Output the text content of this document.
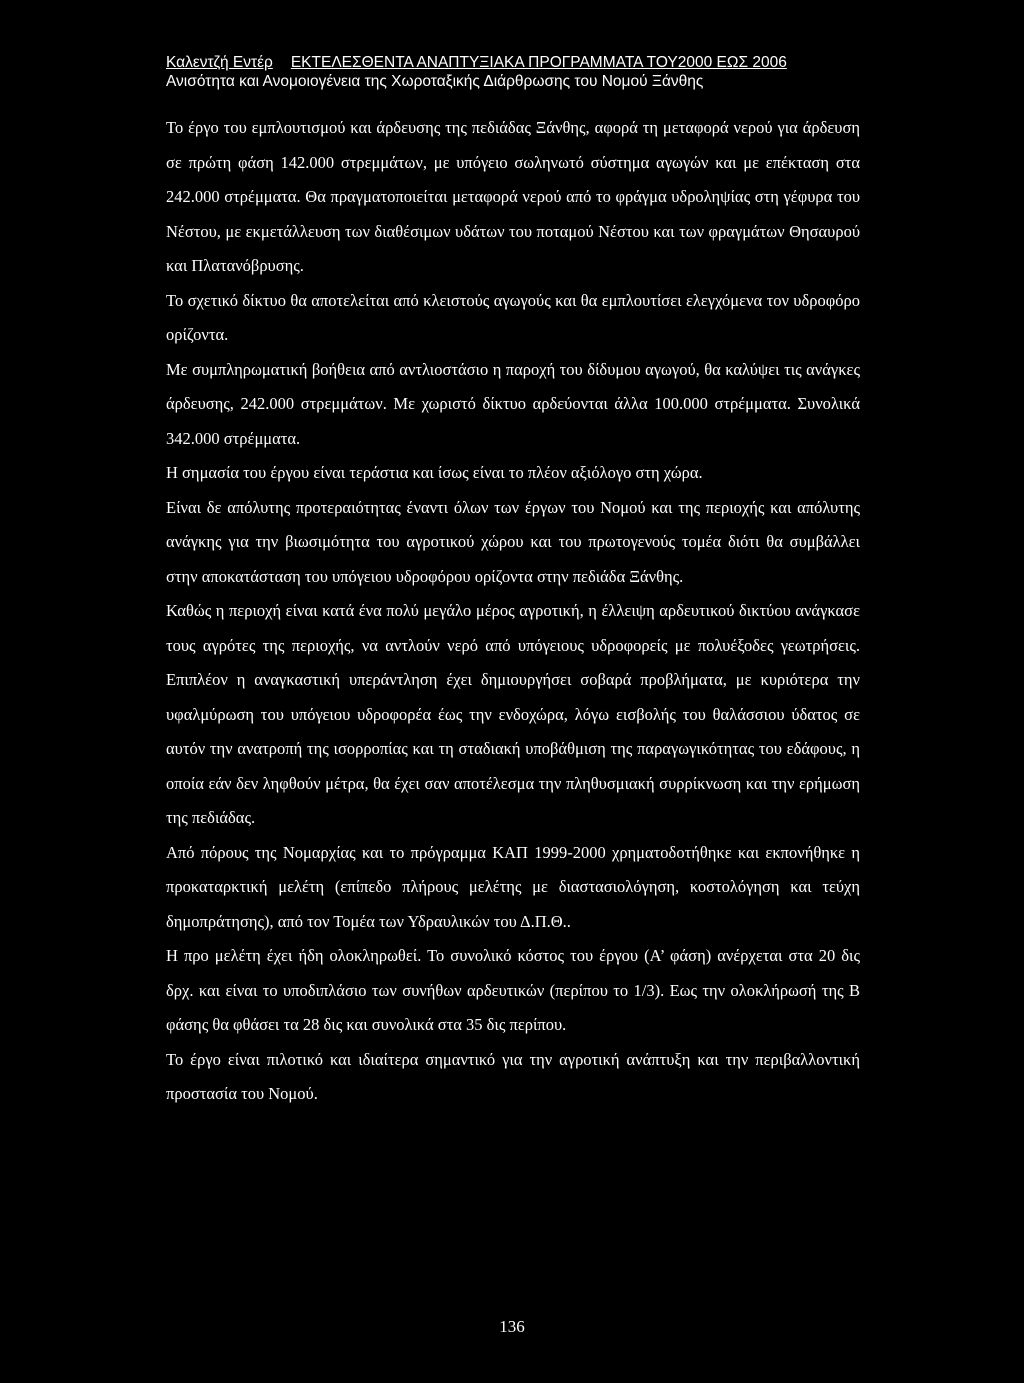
Καλεντζή Εντέρ ΕΚΤΕΛΕΣΘΕΝΤΑ ΑΝΑΠΤΥΞΙΑΚΑ ΠΡΟΓΡΑΜΜΑΤΑ ΤΟΥ2000 ΕΩΣ 2006
Ανισότητα και Ανομοιογένεια της Χωροταξικής Διάρθρωσης του Νομού Ξάνθης

Το έργο του εμπλουτισμού και άρδευσης της πεδιάδας Ξάνθης, αφορά τη μεταφορά νερού για άρδευση σε πρώτη φάση 142.000 στρεμμάτων, με υπόγειο σωληνωτό σύστημα αγωγών και με επέκταση στα 242.000 στρέμματα. Θα πραγματοποιείται μεταφορά νερού από το φράγμα υδροληψίας στη γέφυρα του Νέστου, με εκμετάλλευση των διαθέσιμων υδάτων του ποταμού Νέστου και των φραγμάτων Θησαυρού και Πλατανόβρυσης.

Το σχετικό δίκτυο θα αποτελείται από κλειστούς αγωγούς και θα εμπλουτίσει ελεγχόμενα τον υδροφόρο ορίζοντα.

Με συμπληρωματική βοήθεια από αντλιοστάσιο η παροχή του δίδυμου αγωγού, θα καλύψει τις ανάγκες άρδευσης, 242.000 στρεμμάτων. Με χωριστό δίκτυο αρδεύονται άλλα 100.000 στρέμματα. Συνολικά 342.000 στρέμματα.

Η σημασία του έργου είναι τεράστια και ίσως είναι το πλέον αξιόλογο στη χώρα.

Είναι δε απόλυτης προτεραιότητας έναντι όλων των έργων του Νομού και της περιοχής και απόλυτης ανάγκης για την βιωσιμότητα του αγροτικού χώρου και του πρωτογενούς τομέα διότι θα συμβάλλει στην αποκατάσταση του υπόγειου υδροφόρου ορίζοντα στην πεδιάδα Ξάνθης.

Καθώς η περιοχή είναι κατά ένα πολύ μεγάλο μέρος αγροτική, η έλλειψη αρδευτικού δικτύου ανάγκασε τους αγρότες της περιοχής, να αντλούν νερό από υπόγειους υδροφορείς με πολυέξοδες γεωτρήσεις. Επιπλέον η αναγκαστική υπεράντληση έχει δημιουργήσει σοβαρά προβλήματα, με κυριότερα την υφαλμύρωση του υπόγειου υδροφορέα έως την ενδοχώρα, λόγω εισβολής του θαλάσσιου ύδατος σε αυτόν την ανατροπή της ισορροπίας και τη σταδιακή υποβάθμιση της παραγωγικότητας του εδάφους, η οποία εάν δεν ληφθούν μέτρα, θα έχει σαν αποτέλεσμα την πληθυσμιακή συρρίκνωση και την ερήμωση της πεδιάδας.

Από πόρους της Νομαρχίας και το πρόγραμμα ΚΑΠ 1999-2000 χρηματοδοτήθηκε και εκπονήθηκε η προκαταρκτική μελέτη (επίπεδο πλήρους μελέτης με διαστασιολόγηση, κοστολόγηση και τεύχη δημοπράτησης), από τον Τομέα των Υδραυλικών του Δ.Π.Θ..

Η προ μελέτη έχει ήδη ολοκληρωθεί. Το συνολικό κόστος του έργου (Α’ φάση) ανέρχεται στα 20 δις δρχ. και είναι το υποδιπλάσιο των συνήθων αρδευτικών (περίπου το 1/3). Εως την ολοκλήρωσή της Β φάσης θα φθάσει τα 28 δις και συνολικά στα 35 δις περίπου.

Το έργο είναι πιλοτικό και ιδιαίτερα σημαντικό για την αγροτική ανάπτυξη και την περιβαλλοντική προστασία του Νομού.

136
